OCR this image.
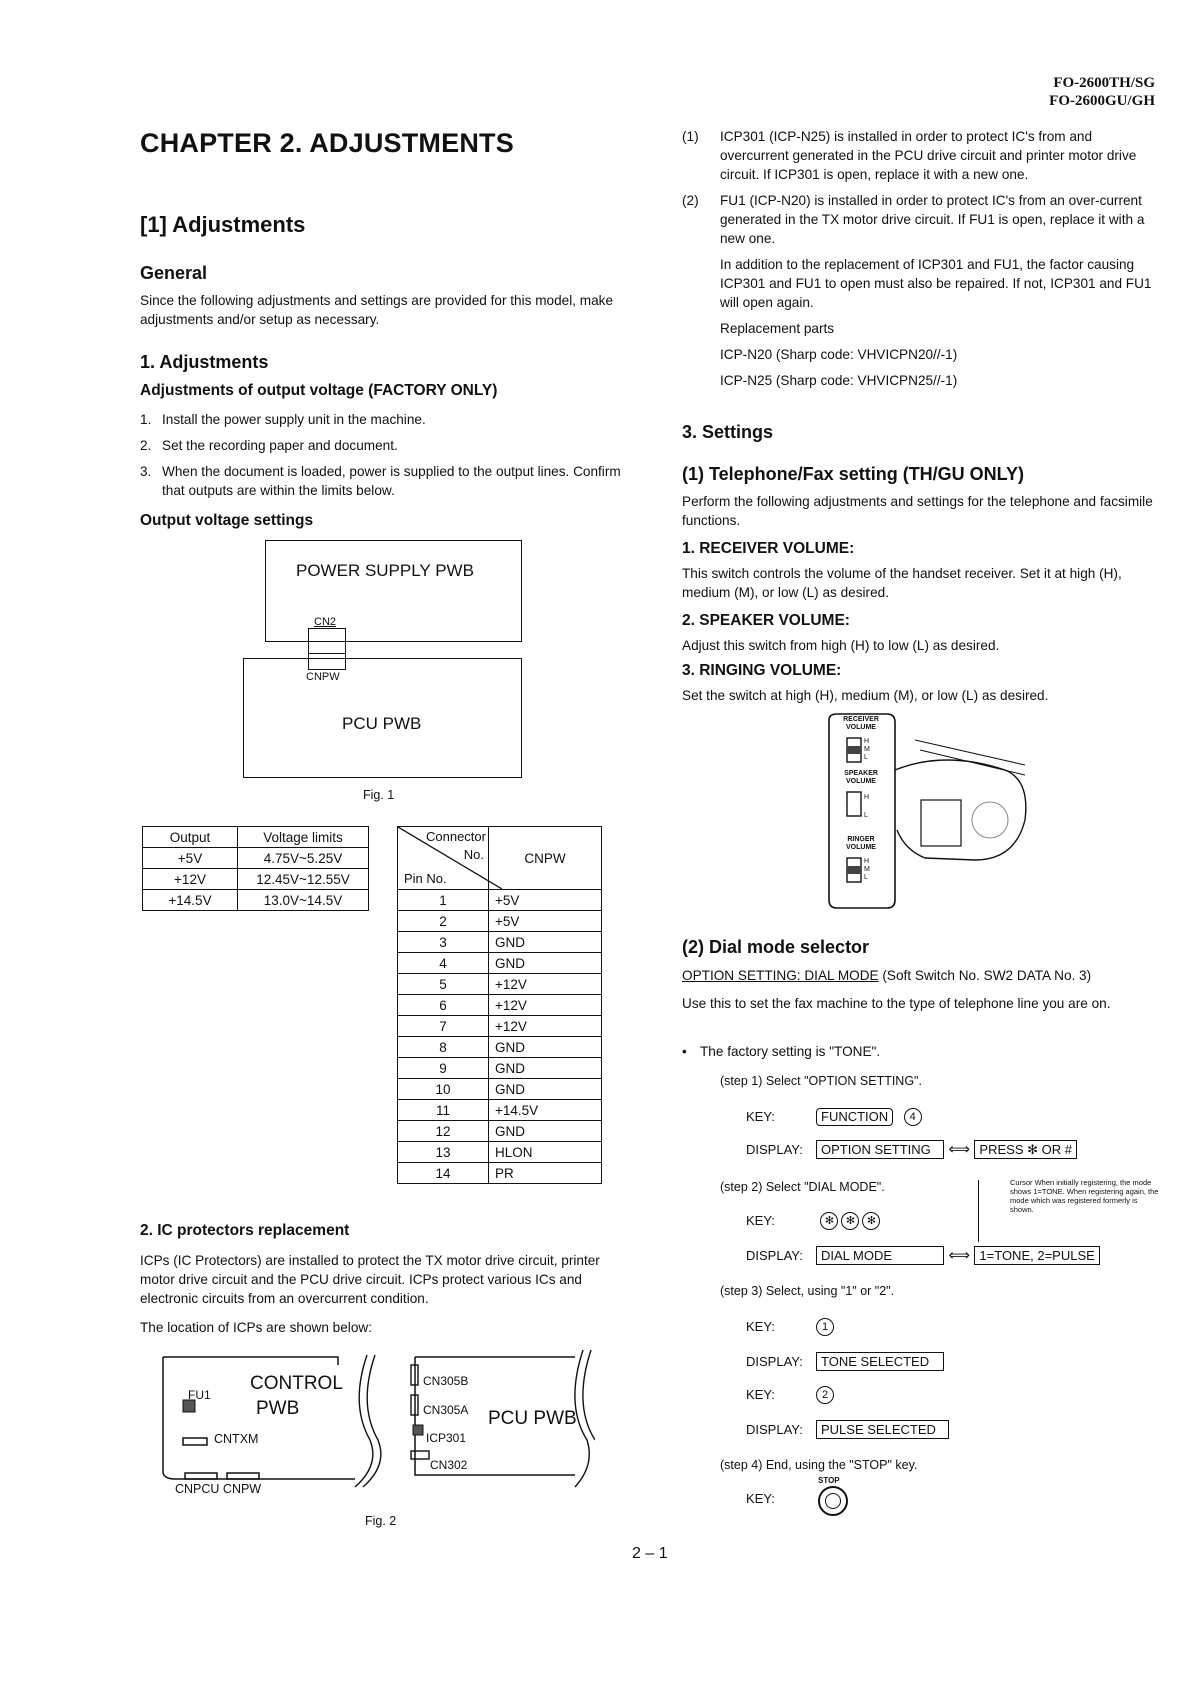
FO-2600TH/SG
FO-2600GU/GH
CHAPTER 2. ADJUSTMENTS
[1] Adjustments
General
Since the following adjustments and settings are provided for this model, make adjustments and/or setup as necessary.
1. Adjustments
Adjustments of output voltage (FACTORY ONLY)
1. Install the power supply unit in the machine.
2. Set the recording paper and document.
3. When the document is loaded, power is supplied to the output lines. Confirm that outputs are within the limits below.
Output voltage settings
POWER SUPPLY PWB
CN2
CNPW
PCU PWB
Fig. 1
Output	Voltage limits
+5V	4.75V~5.25V
+12V	12.45V~12.55V
+14.5V	13.0V~14.5V
Connector
No.
Pin No.	CNPW
1	+5V
2	+5V
3	GND
4	GND
5	+12V
6	+12V
7	+12V
8	GND
9	GND
10	GND
11	+14.5V
12	GND
13	HLON
14	PR
2. IC protectors replacement
ICPs (IC Protectors) are installed to protect the TX motor drive circuit, printer motor drive circuit and the PCU drive circuit. ICPs protect various ICs and electronic circuits from an overcurrent condition.
The location of ICPs are shown below:
CONTROL
PWB
FU1
CNTXM
CNPCU CNPW
CN305B
CN305A PCU PWB
ICP301
CN302
Fig. 2
(1) ICP301 (ICP-N25) is installed in order to protect IC's from and overcurrent generated in the PCU drive circuit and printer motor drive circuit. If ICP301 is open, replace it with a new one.
(2) FU1 (ICP-N20) is installed in order to protect IC's from an over-current generated in the TX motor drive circuit. If FU1 is open, replace it with a new one.
In addition to the replacement of ICP301 and FU1, the factor causing ICP301 and FU1 to open must also be repaired. If not, ICP301 and FU1 will open again.
Replacement parts
ICP-N20 (Sharp code: VHVICPN20//-1)
ICP-N25 (Sharp code: VHVICPN25//-1)
3. Settings
(1) Telephone/Fax setting (TH/GU ONLY)
Perform the following adjustments and settings for the telephone and facsimile functions.
1. RECEIVER VOLUME:
This switch controls the volume of the handset receiver. Set it at high (H), medium (M), or low (L) as desired.
2. SPEAKER VOLUME:
Adjust this switch from high (H) to low (L) as desired.
3. RINGING VOLUME:
Set the switch at high (H), medium (M), or low (L) as desired.
RECEIVER VOLUME
SPEAKER VOLUME
RINGER VOLUME
H
M
L
H
L
H
M
L
(2) Dial mode selector
OPTION SETTING: DIAL MODE (Soft Switch No. SW2 DATA No. 3)
Use this to set the fax machine to the type of telephone line you are on.
• The factory setting is "TONE".
(step 1) Select "OPTION SETTING".
KEY:	FUNCTION 4
DISPLAY: OPTION SETTING ⟺ PRESS ✻ OR #
(step 2) Select "DIAL MODE".
KEY:	✻ ✻ ✻
DISPLAY: DIAL MODE	⟺ 1=TONE, 2=PULSE
Cursor When initially registering, the mode shows 1=TONE. When registering again, the mode which was registered formerly is shown.
(step 3) Select, using "1" or "2".
KEY:	1
DISPLAY: TONE SELECTED
KEY:	2
DISPLAY: PULSE SELECTED
(step 4) End, using the "STOP" key.
KEY:
STOP
2 – 1
